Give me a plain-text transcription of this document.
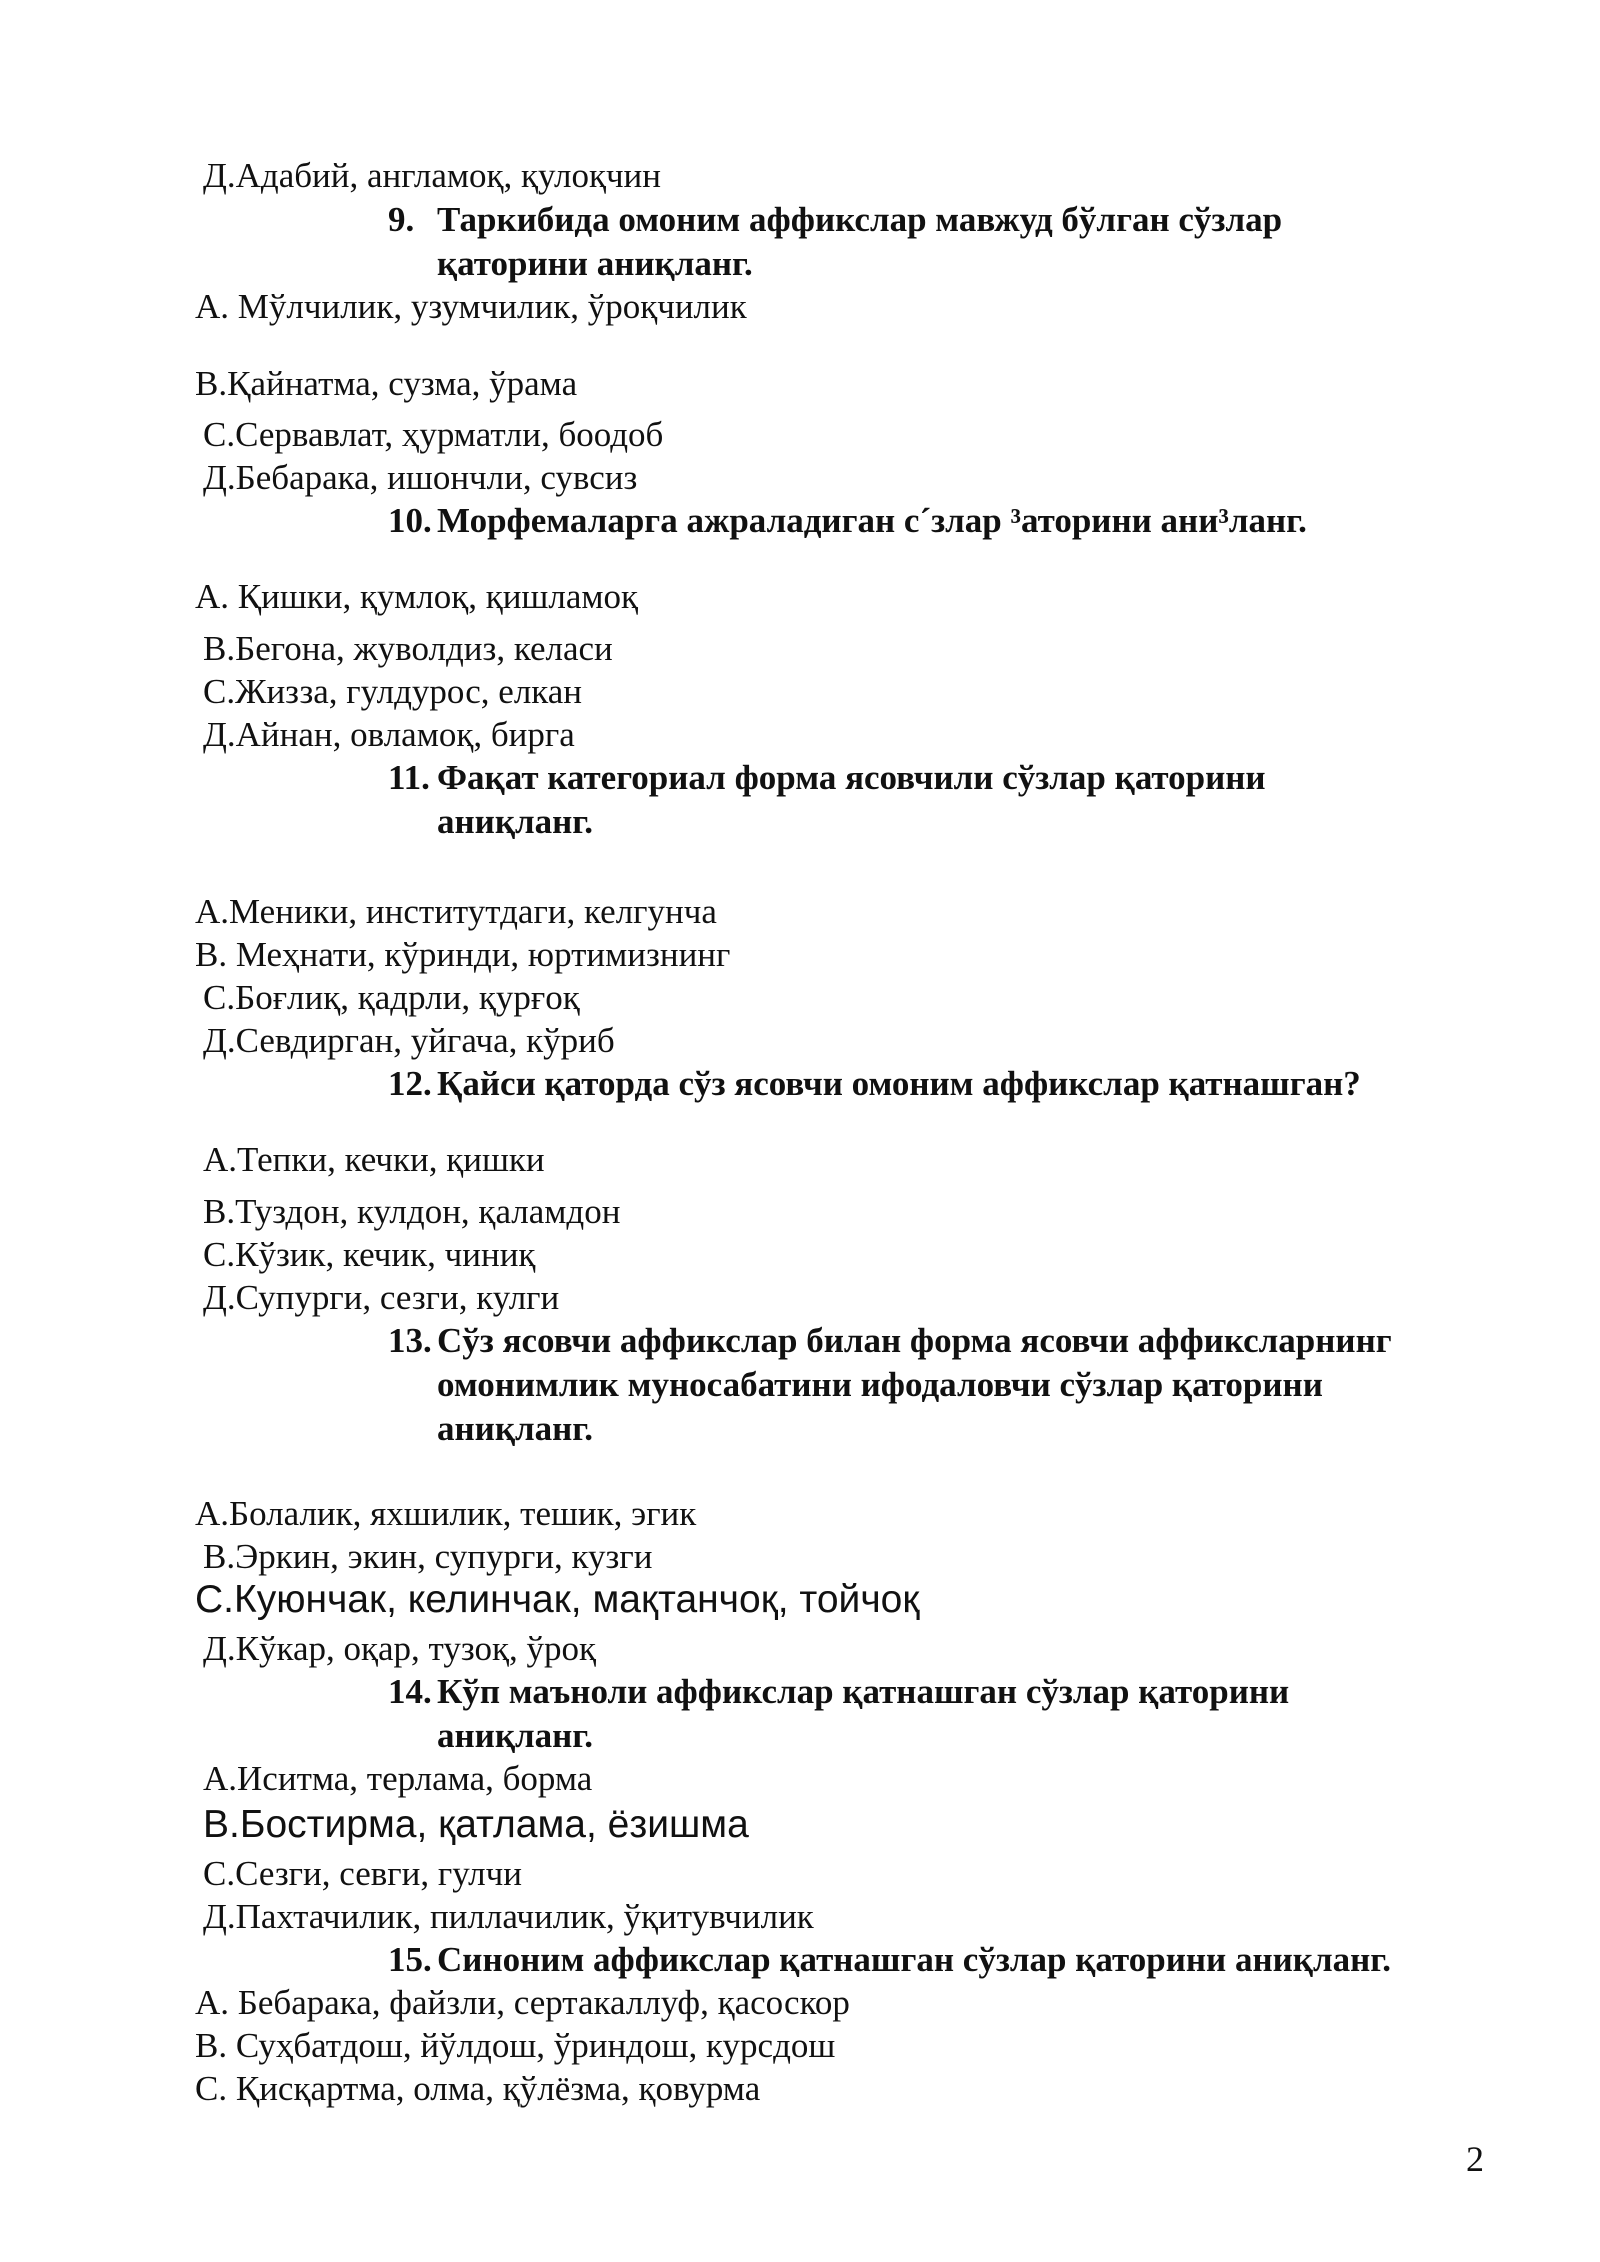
Д.Адабий, англамоқ, қулоқчин
9. Таркибида омоним аффикслар мавжуд бўлган сўзлар
қаторини аниқланг.
А. Мўлчилик, узумчилик, ўроқчилик
В.Қайнатма, сузма, ўрама
С.Сервавлат, ҳурматли, боодоб
Д.Бебарака, ишончли, сувсиз
10. Морфемаларга ажраладиган с´злар ³аторини ани³ланг.
А. Қишки, қумлоқ, қишламоқ
В.Бегона, жуволдиз, келаси
С.Жизза, гулдурос, елкан
Д.Айнан, овламоқ, бирга
11. Фақат категориал форма ясовчили сўзлар қаторини
аниқланг.
А.Меники, институтдаги, келгунча
В. Меҳнати, кўринди, юртимизнинг
С.Боғлиқ, қадрли, қурғоқ
Д.Севдирган, уйгача, кўриб
12. Қайси қаторда сўз ясовчи омоним аффикслар қатнашган?
А.Тепки, кечки, қишки
В.Туздон, кулдон, қаламдон
С.Кўзик, кечик, чиниқ
Д.Супурги, сезги, кулги
13. Сўз ясовчи аффикслар билан форма ясовчи аффиксларнинг
омонимлик муносабатини ифодаловчи сўзлар қаторини
аниқланг.
А.Болалик, яхшилик, тешик, эгик
В.Эркин, экин, супурги, кузги
С.Куюнчак, келинчак, мақтанчоқ, тойчоқ
Д.Кўкар, оқар, тузоқ, ўроқ
14. Кўп маъноли аффикслар қатнашган сўзлар қаторини
аниқланг.
А.Иситма, терлама, борма
В.Бостирма, қатлама, ёзишма
С.Сезги, севги, гулчи
Д.Пахтачилик, пиллачилик, ўқитувчилик
15. Синоним аффикслар қатнашган сўзлар қаторини аниқланг.
А. Бебарака, файзли, сертакаллуф, қасоскор
В. Суҳбатдош, йўлдош, ўриндош, курсдош
С. Қисқартма, олма, қўлёзма, қовурма
2
